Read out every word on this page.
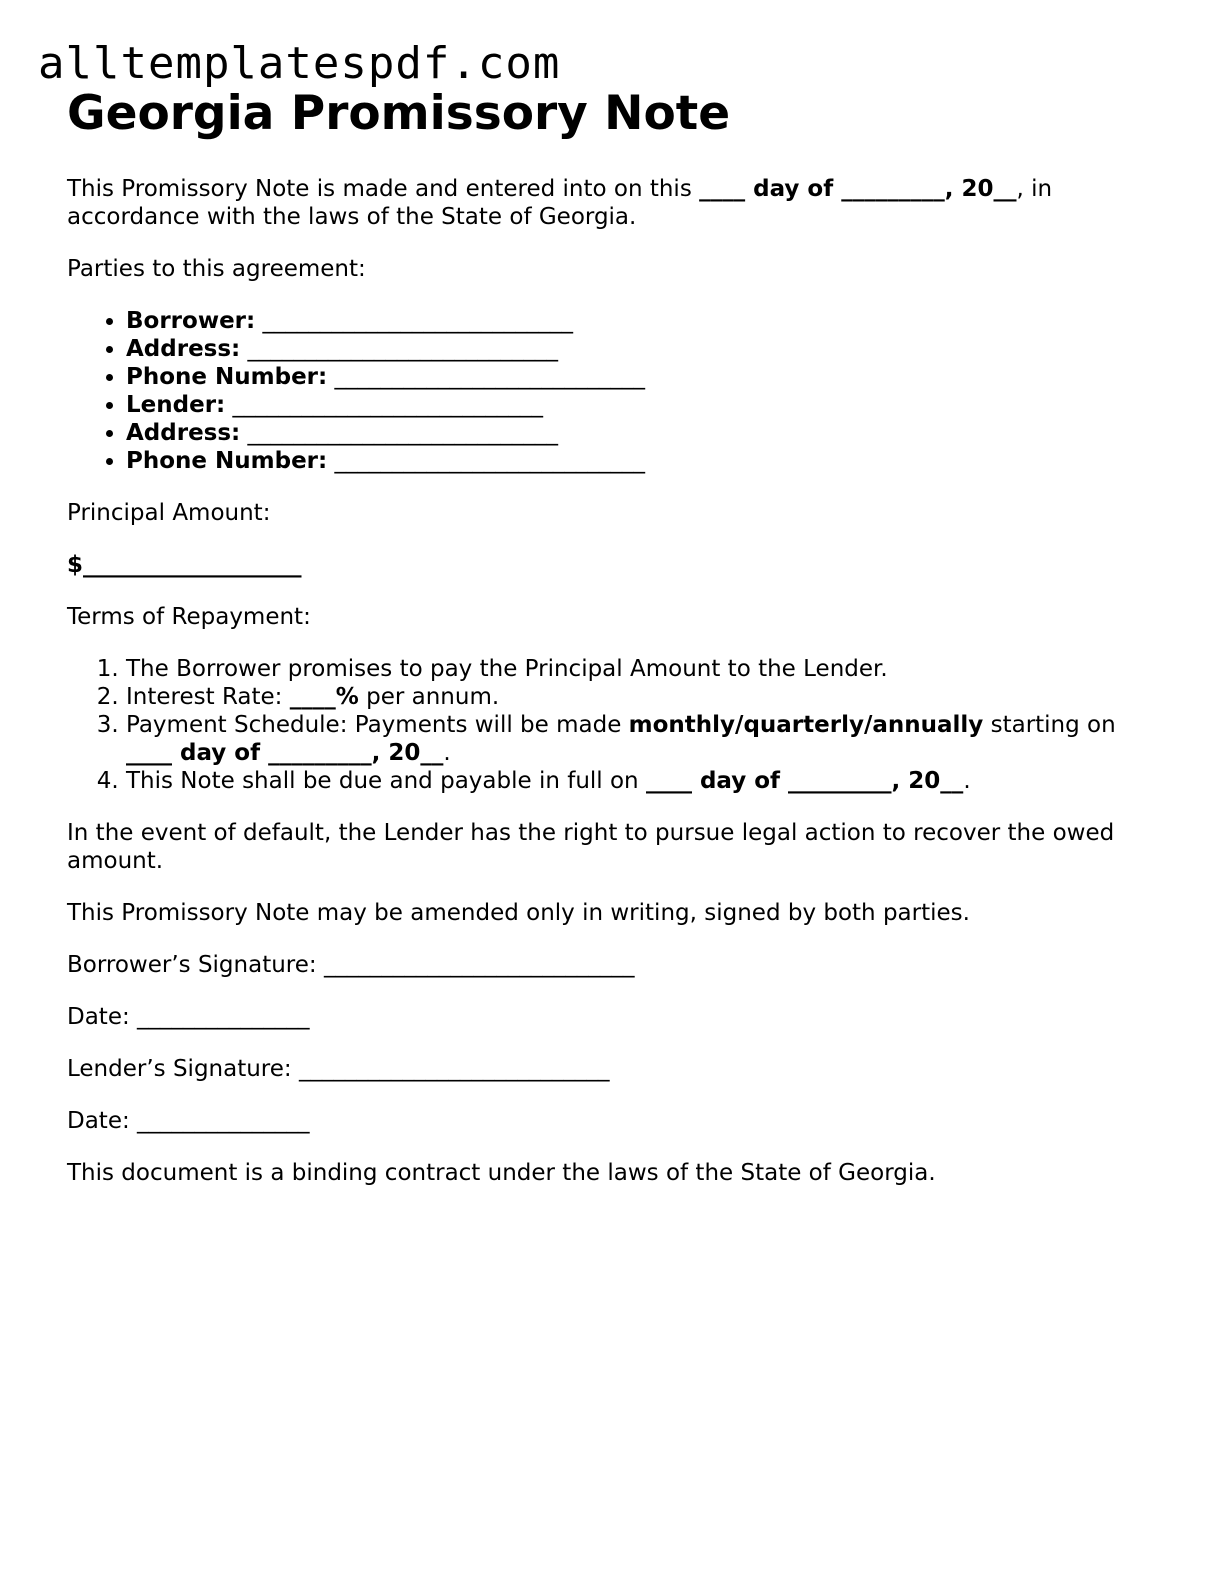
alltemplatespdf.com
Georgia Promissory Note

This Promissory Note is made and entered into on this ____ day of _________, 20__, in accordance with the laws of the State of Georgia.

Parties to this agreement:

• Borrower: ___________________________
• Address: ___________________________
• Phone Number: ___________________________
• Lender: ___________________________
• Address: ___________________________
• Phone Number: ___________________________

Principal Amount:

$___________________

Terms of Repayment:

1. The Borrower promises to pay the Principal Amount to the Lender.
2. Interest Rate: ____% per annum.
3. Payment Schedule: Payments will be made monthly/quarterly/annually starting on ____ day of _________, 20__.
4. This Note shall be due and payable in full on ____ day of _________, 20__.

In the event of default, the Lender has the right to pursue legal action to recover the owed amount.

This Promissory Note may be amended only in writing, signed by both parties.

Borrower’s Signature: ___________________________

Date: _______________

Lender’s Signature: ___________________________

Date: _______________

This document is a binding contract under the laws of the State of Georgia.
